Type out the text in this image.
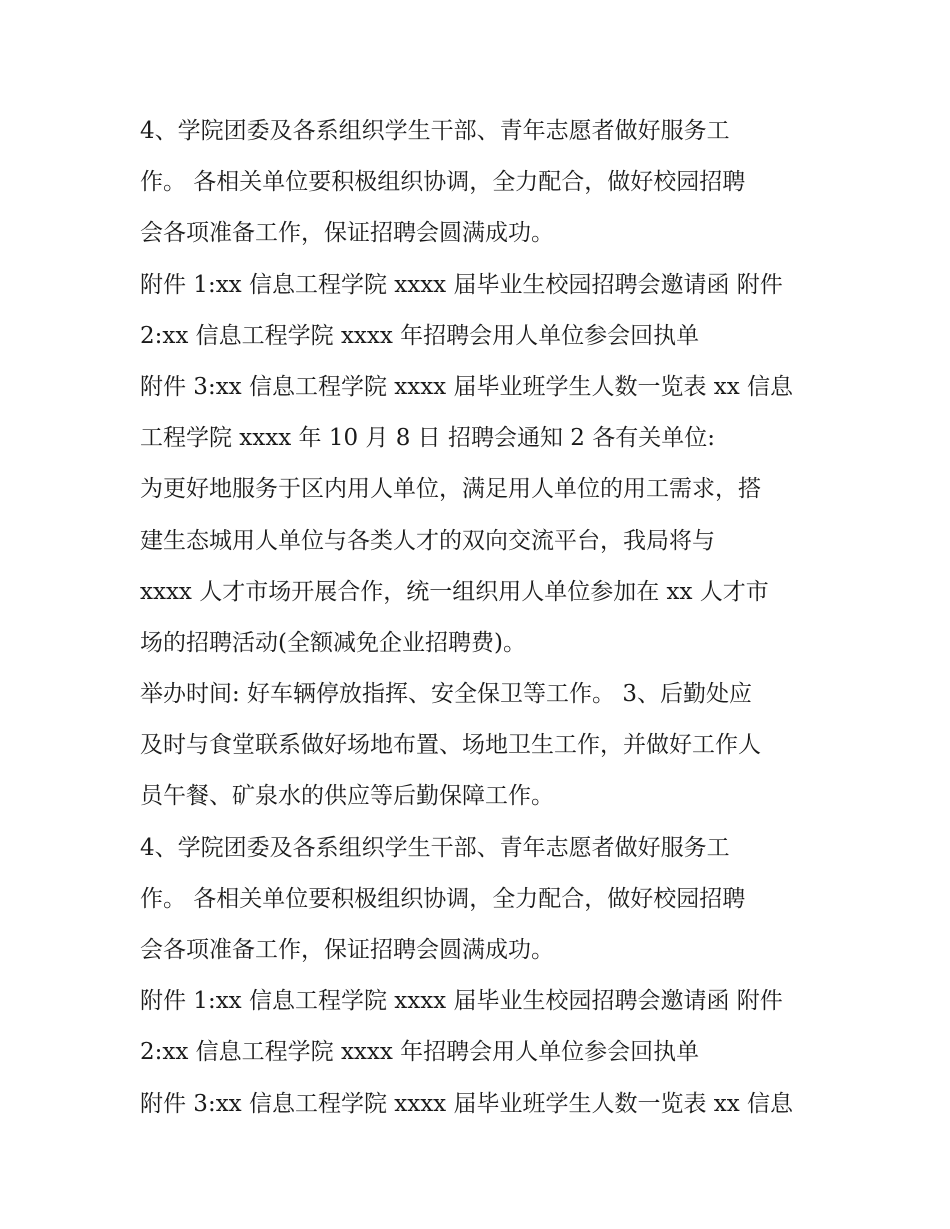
4、学院团委及各系组织学生干部、青年志愿者做好服务工
作。 各相关单位要积极组织协调，全力配合，做好校园招聘
会各项准备工作，保证招聘会圆满成功。
附件 1:xx 信息工程学院 xxxx 届毕业生校园招聘会邀请函 附件
2:xx 信息工程学院 xxxx 年招聘会用人单位参会回执单
附件 3:xx 信息工程学院 xxxx 届毕业班学生人数一览表 xx 信息
工程学院 xxxx 年 10 月 8 日 招聘会通知 2 各有关单位:
为更好地服务于区内用人单位，满足用人单位的用工需求，搭
建生态城用人单位与各类人才的双向交流平台，我局将与
xxxx 人才市场开展合作，统一组织用人单位参加在 xx 人才市
场的招聘活动(全额减免企业招聘费)。
举办时间: 好车辆停放指挥、安全保卫等工作。 3、后勤处应
及时与食堂联系做好场地布置、场地卫生工作，并做好工作人
员午餐、矿泉水的供应等后勤保障工作。
4、学院团委及各系组织学生干部、青年志愿者做好服务工
作。 各相关单位要积极组织协调，全力配合，做好校园招聘
会各项准备工作，保证招聘会圆满成功。
附件 1:xx 信息工程学院 xxxx 届毕业生校园招聘会邀请函 附件
2:xx 信息工程学院 xxxx 年招聘会用人单位参会回执单
附件 3:xx 信息工程学院 xxxx 届毕业班学生人数一览表 xx 信息
